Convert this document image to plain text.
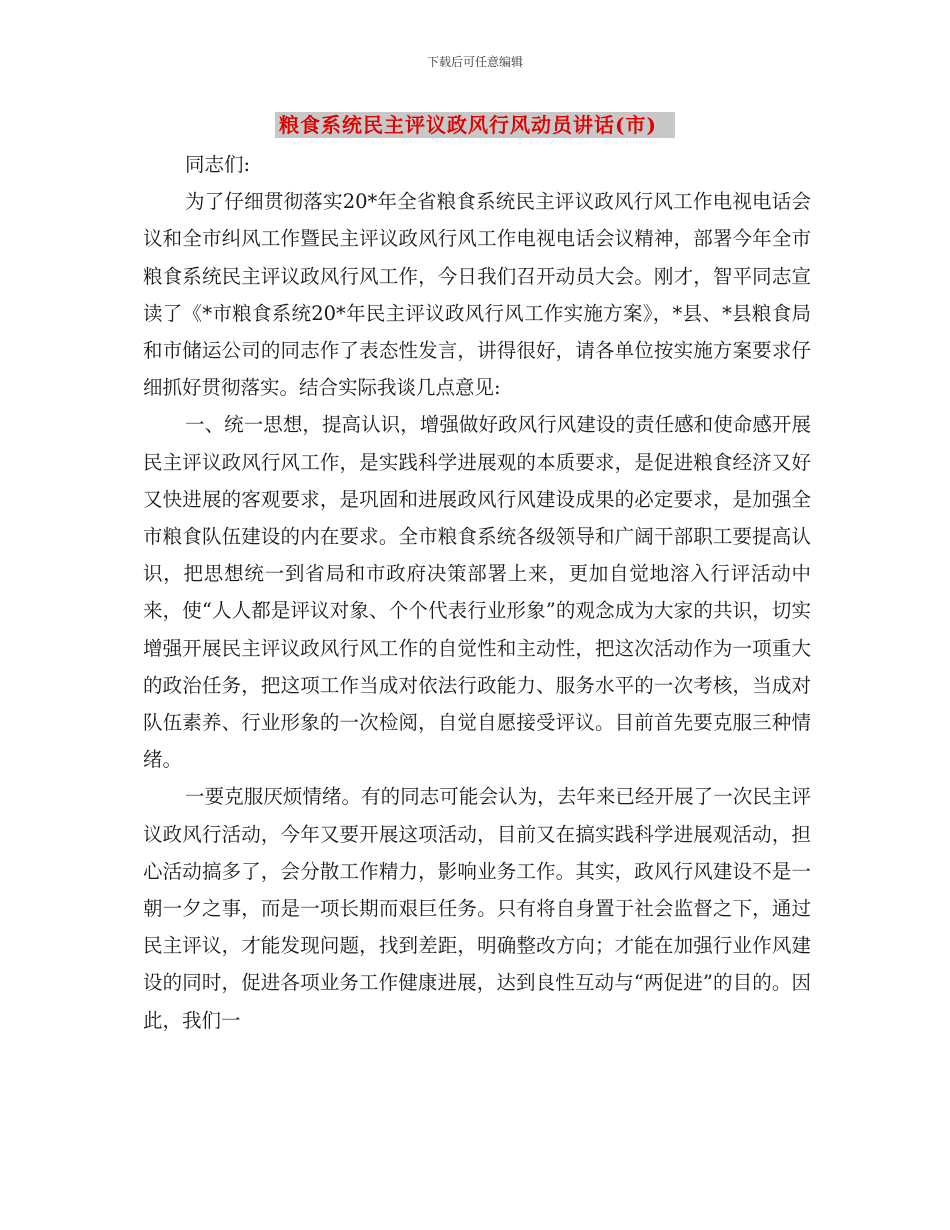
下载后可任意编辑
粮食系统民主评议政风行风动员讲话(市)

同志们:

为了仔细贯彻落实20*年全省粮食系统民主评议政风行风工作电视电话会议和全市纠风工作暨民主评议政风行风工作电视电话会议精神，部署今年全市粮食系统民主评议政风行风工作，今日我们召开动员大会。刚才，智平同志宣读了《*市粮食系统20*年民主评议政风行风工作实施方案》，*县、*县粮食局和市储运公司的同志作了表态性发言，讲得很好，请各单位按实施方案要求仔细抓好贯彻落实。结合实际我谈几点意见:

一、统一思想，提高认识，增强做好政风行风建设的责任感和使命感开展民主评议政风行风工作，是实践科学进展观的本质要求，是促进粮食经济又好又快进展的客观要求，是巩固和进展政风行风建设成果的必定要求，是加强全市粮食队伍建设的内在要求。全市粮食系统各级领导和广阔干部职工要提高认识，把思想统一到省局和市政府决策部署上来，更加自觉地溶入行评活动中来，使“人人都是评议对象、个个代表行业形象”的观念成为大家的共识，切实增强开展民主评议政风行风工作的自觉性和主动性，把这次活动作为一项重大的政治任务，把这项工作当成对依法行政能力、服务水平的一次考核，当成对队伍素养、行业形象的一次检阅，自觉自愿接受评议。目前首先要克服三种情绪。

一要克服厌烦情绪。有的同志可能会认为，去年来已经开展了一次民主评议政风行活动，今年又要开展这项活动，目前又在搞实践科学进展观活动，担心活动搞多了，会分散工作精力，影响业务工作。其实，政风行风建设不是一朝一夕之事，而是一项长期而艰巨任务。只有将自身置于社会监督之下，通过民主评议，才能发现问题，找到差距，明确整改方向；才能在加强行业作风建设的同时，促进各项业务工作健康进展，达到良性互动与“两促进”的目的。因此，我们一
